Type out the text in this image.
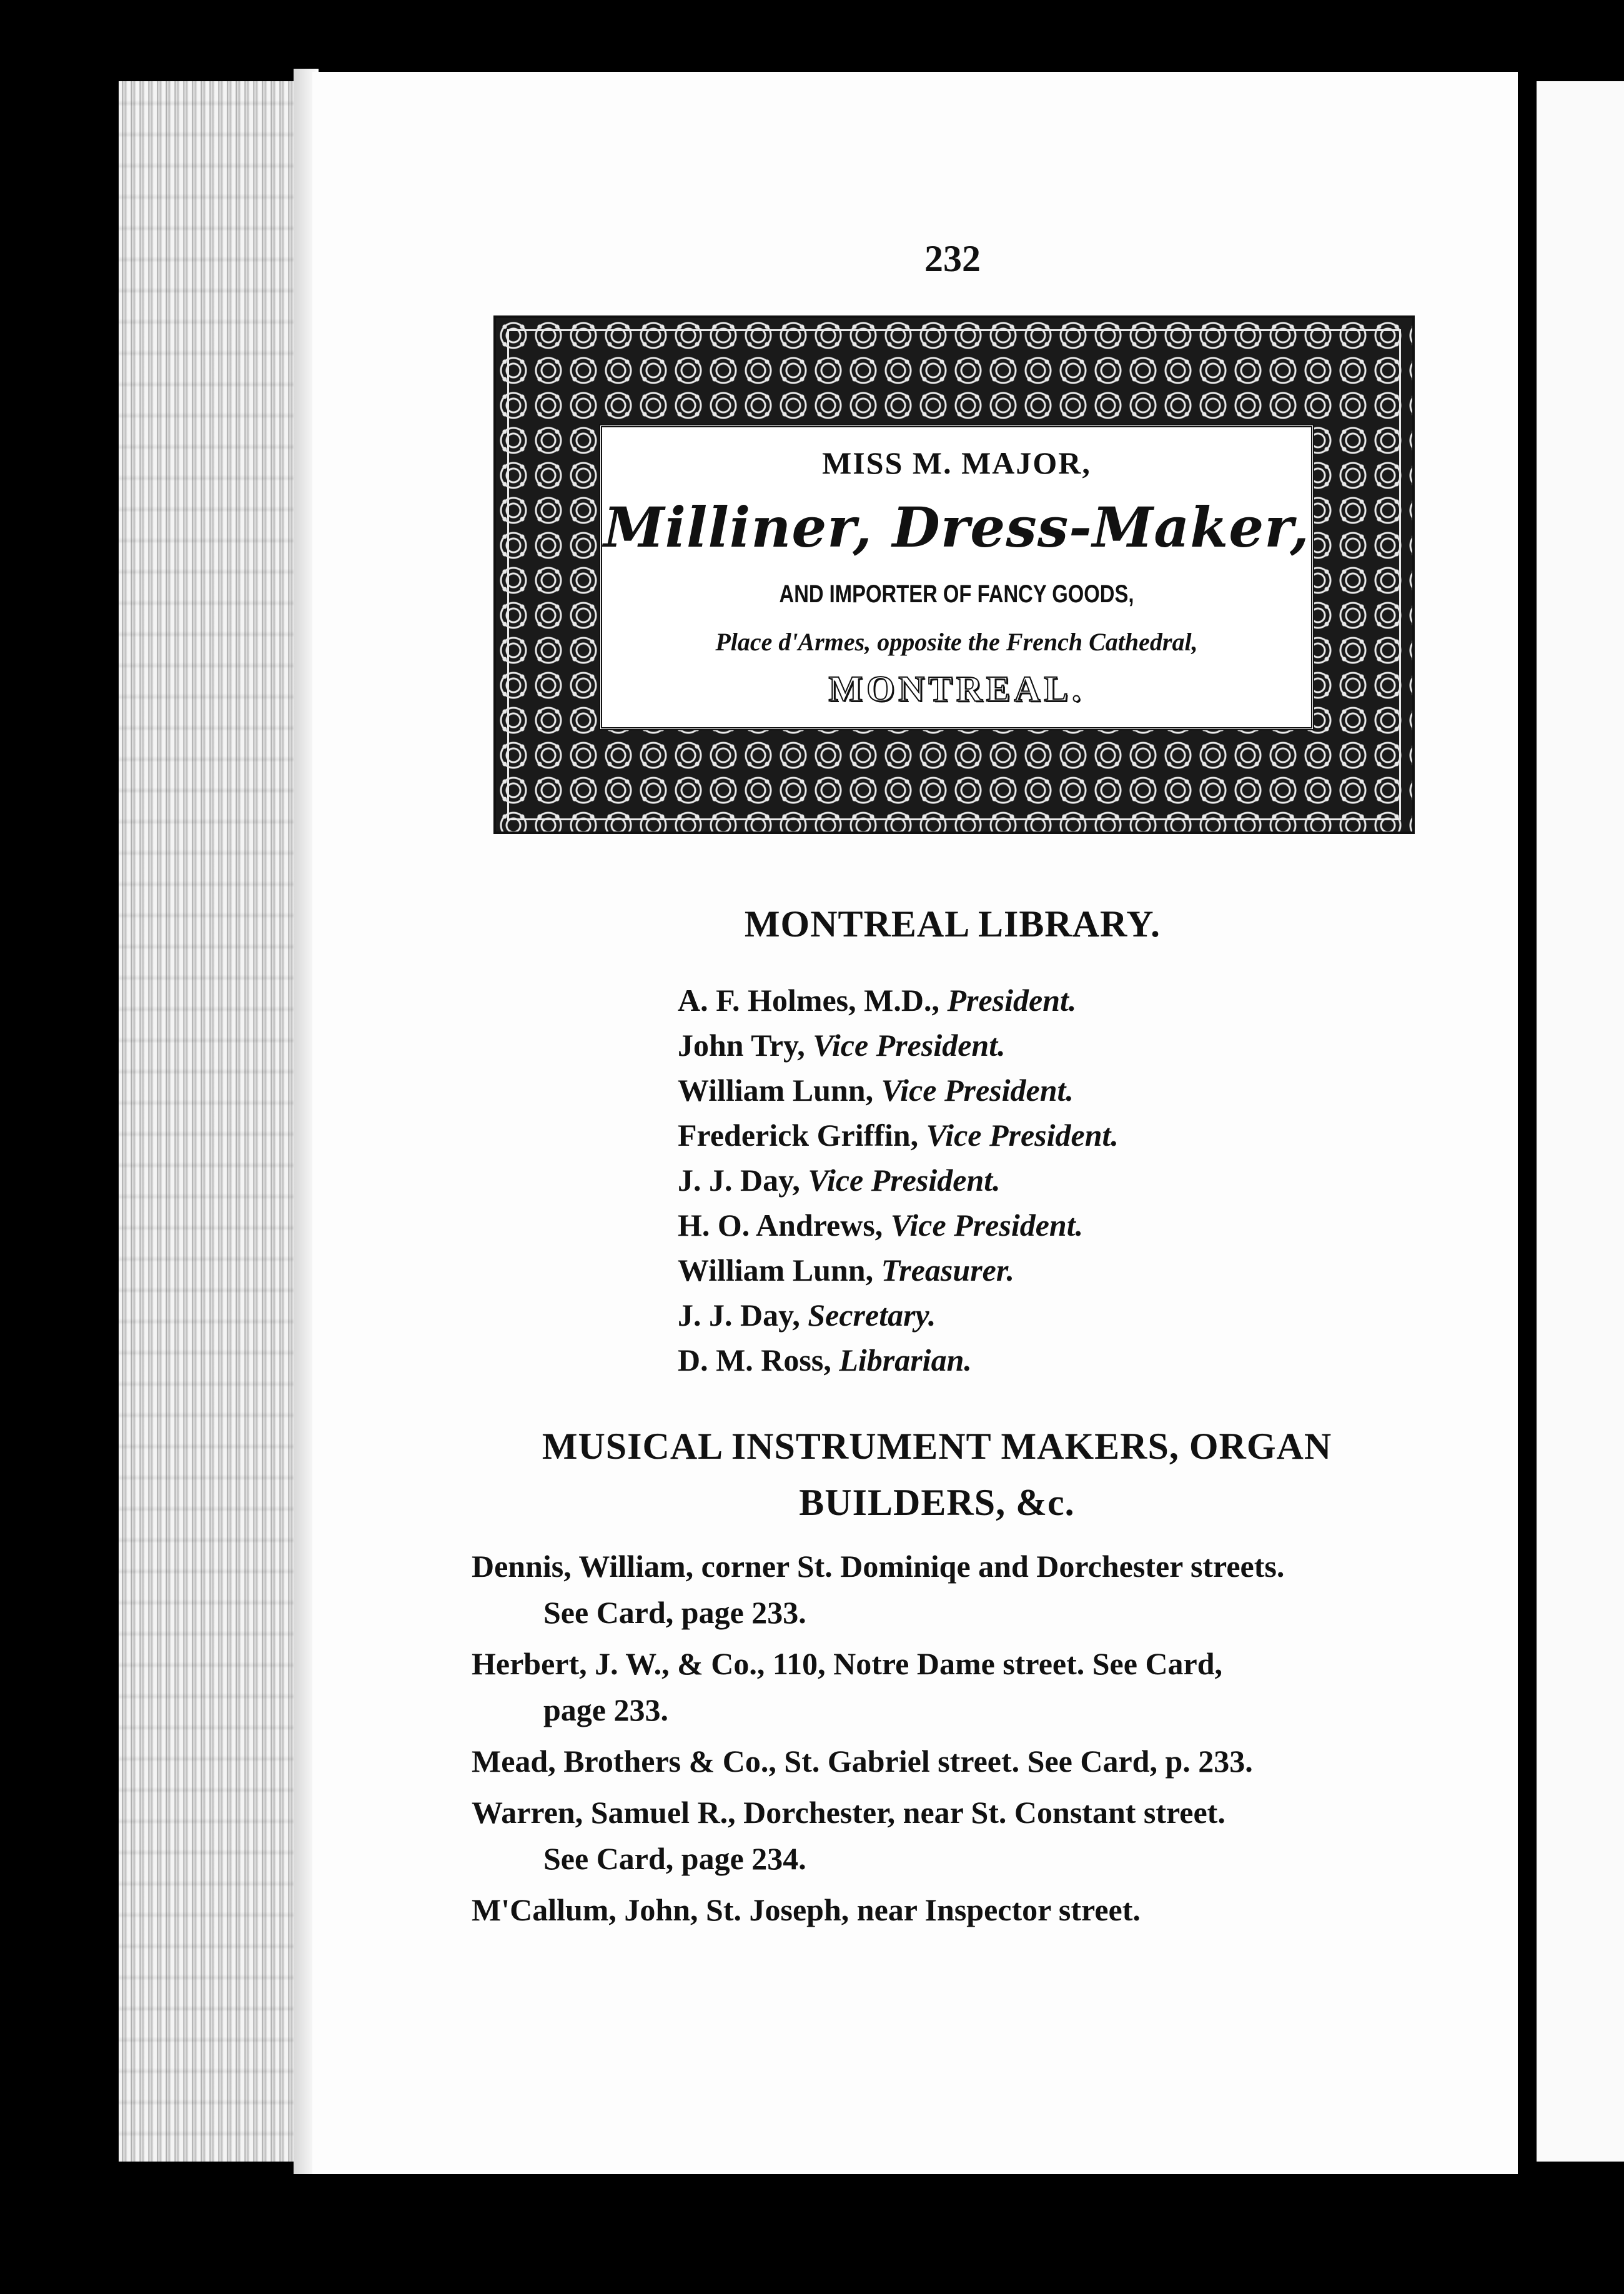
232
MISS M. MAJOR,
Milliner, Dress-Maker,
AND IMPORTER OF FANCY GOODS,
Place d'Armes, opposite the French Cathedral,
MONTREAL.
MONTREAL LIBRARY.
A. F. Holmes, M.D., President.
John Try, Vice President.
William Lunn, Vice President.
Frederick Griffin, Vice President.
J. J. Day, Vice President.
H. O. Andrews, Vice President.
William Lunn, Treasurer.
J. J. Day, Secretary.
D. M. Ross, Librarian.
MUSICAL INSTRUMENT MAKERS, ORGAN
BUILDERS, &c.
Dennis, William, corner St. Dominiqe and Dorchester streets.
See Card, page 233.
Herbert, J. W., & Co., 110, Notre Dame street. See Card,
page 233.
Mead, Brothers & Co., St. Gabriel street. See Card, p. 233.
Warren, Samuel R., Dorchester, near St. Constant street.
See Card, page 234.
M'Callum, John, St. Joseph, near Inspector street.
